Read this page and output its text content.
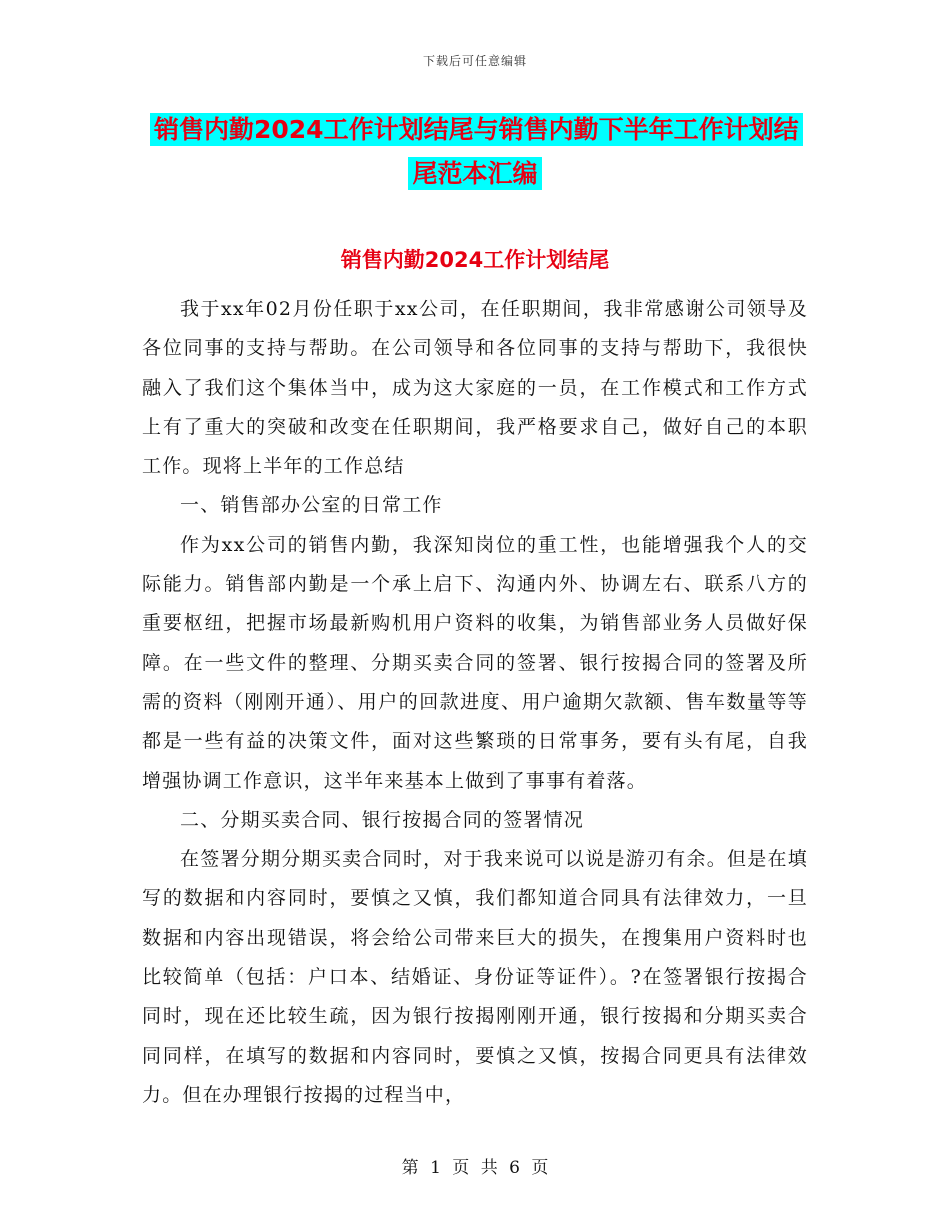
下载后可任意编辑
销售内勤2024工作计划结尾与销售内勤下半年工作计划结尾范本汇编
销售内勤2024工作计划结尾

我于xx年02月份任职于xx公司，在任职期间，我非常感谢公司领导及各位同事的支持与帮助。在公司领导和各位同事的支持与帮助下，我很快融入了我们这个集体当中，成为这大家庭的一员，在工作模式和工作方式上有了重大的突破和改变在任职期间，我严格要求自己，做好自己的本职工作。现将上半年的工作总结

一、销售部办公室的日常工作

作为xx公司的销售内勤，我深知岗位的重工性，也能增强我个人的交际能力。销售部内勤是一个承上启下、沟通内外、协调左右、联系八方的重要枢纽，把握市场最新购机用户资料的收集，为销售部业务人员做好保障。在一些文件的整理、分期买卖合同的签署、银行按揭合同的签署及所需的资料（刚刚开通）、用户的回款进度、用户逾期欠款额、售车数量等等都是一些有益的决策文件，面对这些繁琐的日常事务，要有头有尾，自我增强协调工作意识，这半年来基本上做到了事事有着落。

二、分期买卖合同、银行按揭合同的签署情况

在签署分期分期买卖合同时，对于我来说可以说是游刃有余。但是在填写的数据和内容同时，要慎之又慎，我们都知道合同具有法律效力，一旦数据和内容出现错误，将会给公司带来巨大的损失，在搜集用户资料时也比较简单（包括：户口本、结婚证、身份证等证件）。?在签署银行按揭合同时，现在还比较生疏，因为银行按揭刚刚开通，银行按揭和分期买卖合同同样，在填写的数据和内容同时，要慎之又慎，按揭合同更具有法律效力。但在办理银行按揭的过程当中，

第 1 页 共 6 页
